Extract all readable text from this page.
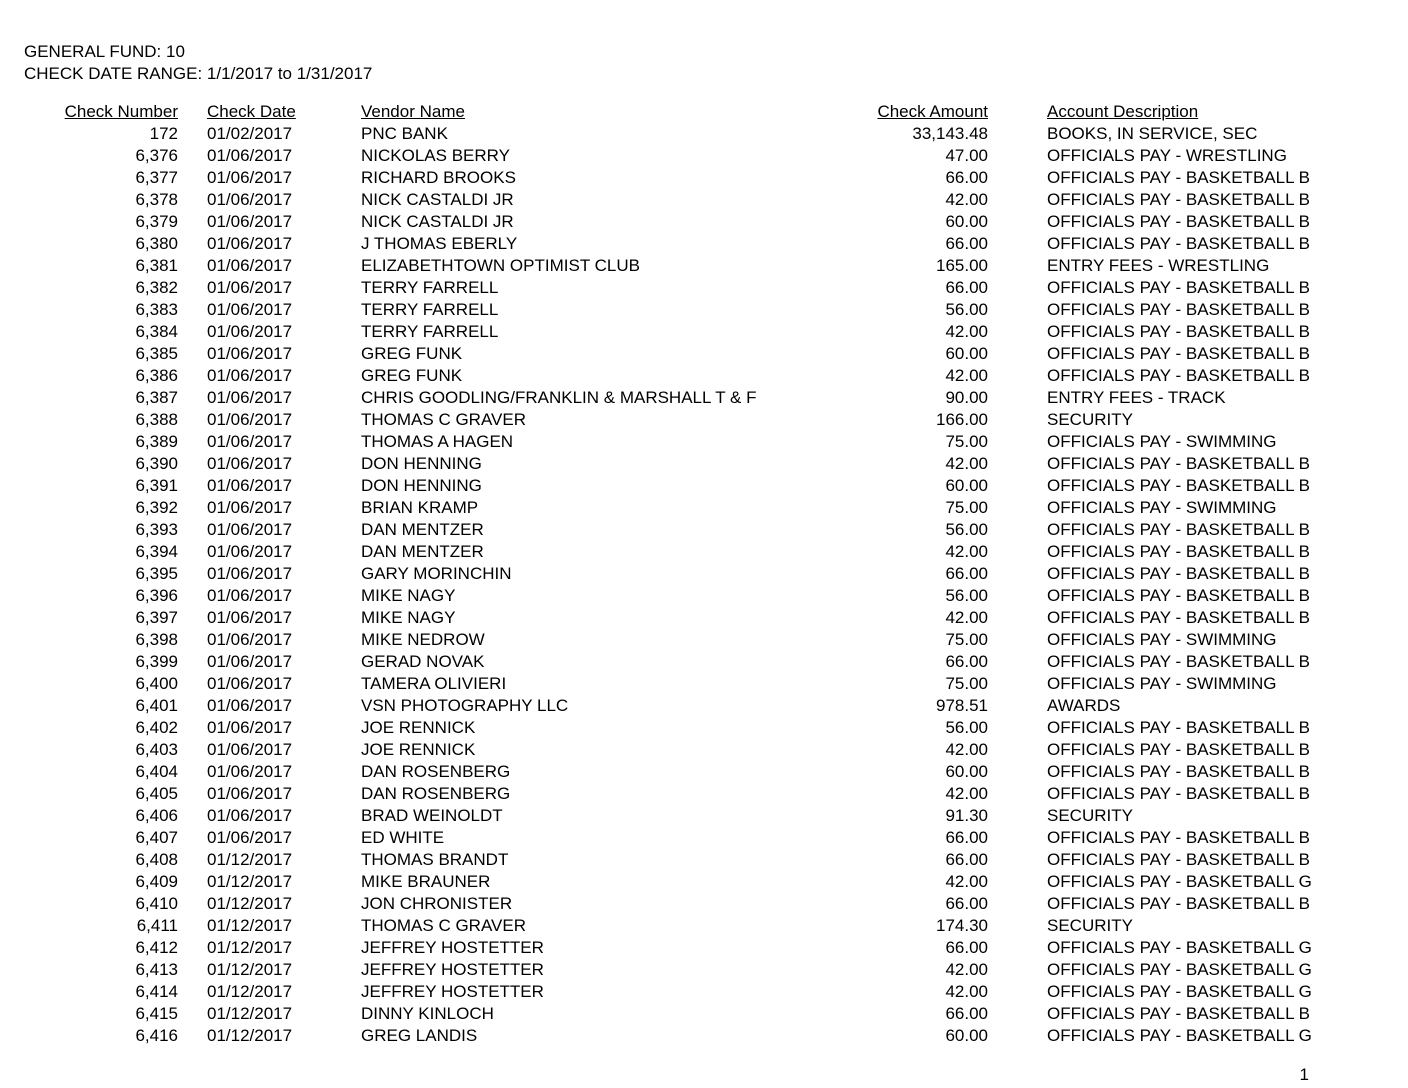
GENERAL FUND: 10
CHECK DATE RANGE: 1/1/2017 to 1/31/2017
Check Number Check Date	Vendor Name	Check Amount	Account Description
172 01/02/2017	PNC BANK	33,143.48	BOOKS, IN SERVICE, SEC
6,376 01/06/2017	NICKOLAS BERRY	47.00	OFFICIALS PAY - WRESTLING
6,377 01/06/2017	RICHARD BROOKS	66.00	OFFICIALS PAY - BASKETBALL B
6,378 01/06/2017	NICK CASTALDI JR	42.00	OFFICIALS PAY - BASKETBALL B
6,379 01/06/2017	NICK CASTALDI JR	60.00	OFFICIALS PAY - BASKETBALL B
6,380 01/06/2017	J THOMAS EBERLY	66.00	OFFICIALS PAY - BASKETBALL B
6,381 01/06/2017	ELIZABETHTOWN OPTIMIST CLUB	165.00	ENTRY FEES - WRESTLING
6,382 01/06/2017	TERRY FARRELL	66.00	OFFICIALS PAY - BASKETBALL B
6,383 01/06/2017	TERRY FARRELL	56.00	OFFICIALS PAY - BASKETBALL B
6,384 01/06/2017	TERRY FARRELL	42.00	OFFICIALS PAY - BASKETBALL B
6,385 01/06/2017	GREG FUNK	60.00	OFFICIALS PAY - BASKETBALL B
6,386 01/06/2017	GREG FUNK	42.00	OFFICIALS PAY - BASKETBALL B
6,387 01/06/2017	CHRIS GOODLING/FRANKLIN & MARSHALL T & F	90.00	ENTRY FEES - TRACK
6,388 01/06/2017	THOMAS C GRAVER	166.00	SECURITY
6,389 01/06/2017	THOMAS A HAGEN	75.00	OFFICIALS PAY - SWIMMING
6,390 01/06/2017	DON HENNING	42.00	OFFICIALS PAY - BASKETBALL B
6,391 01/06/2017	DON HENNING	60.00	OFFICIALS PAY - BASKETBALL B
6,392 01/06/2017	BRIAN KRAMP	75.00	OFFICIALS PAY - SWIMMING
6,393 01/06/2017	DAN MENTZER	56.00	OFFICIALS PAY - BASKETBALL B
6,394 01/06/2017	DAN MENTZER	42.00	OFFICIALS PAY - BASKETBALL B
6,395 01/06/2017	GARY MORINCHIN	66.00	OFFICIALS PAY - BASKETBALL B
6,396 01/06/2017	MIKE NAGY	56.00	OFFICIALS PAY - BASKETBALL B
6,397 01/06/2017	MIKE NAGY	42.00	OFFICIALS PAY - BASKETBALL B
6,398 01/06/2017	MIKE NEDROW	75.00	OFFICIALS PAY - SWIMMING
6,399 01/06/2017	GERAD NOVAK	66.00	OFFICIALS PAY - BASKETBALL B
6,400 01/06/2017	TAMERA OLIVIERI	75.00	OFFICIALS PAY - SWIMMING
6,401 01/06/2017	VSN PHOTOGRAPHY LLC	978.51	AWARDS
6,402 01/06/2017	JOE RENNICK	56.00	OFFICIALS PAY - BASKETBALL B
6,403 01/06/2017	JOE RENNICK	42.00	OFFICIALS PAY - BASKETBALL B
6,404 01/06/2017	DAN ROSENBERG	60.00	OFFICIALS PAY - BASKETBALL B
6,405 01/06/2017	DAN ROSENBERG	42.00	OFFICIALS PAY - BASKETBALL B
6,406 01/06/2017	BRAD WEINOLDT	91.30	SECURITY
6,407 01/06/2017	ED WHITE	66.00	OFFICIALS PAY - BASKETBALL B
6,408 01/12/2017	THOMAS BRANDT	66.00	OFFICIALS PAY - BASKETBALL B
6,409 01/12/2017	MIKE BRAUNER	42.00	OFFICIALS PAY - BASKETBALL G
6,410 01/12/2017	JON CHRONISTER	66.00	OFFICIALS PAY - BASKETBALL B
6,411 01/12/2017	THOMAS C GRAVER	174.30	SECURITY
6,412 01/12/2017	JEFFREY HOSTETTER	66.00	OFFICIALS PAY - BASKETBALL G
6,413 01/12/2017	JEFFREY HOSTETTER	42.00	OFFICIALS PAY - BASKETBALL G
6,414 01/12/2017	JEFFREY HOSTETTER	42.00	OFFICIALS PAY - BASKETBALL G
6,415 01/12/2017	DINNY KINLOCH	66.00	OFFICIALS PAY - BASKETBALL B
6,416 01/12/2017	GREG LANDIS	60.00	OFFICIALS PAY - BASKETBALL G
1
